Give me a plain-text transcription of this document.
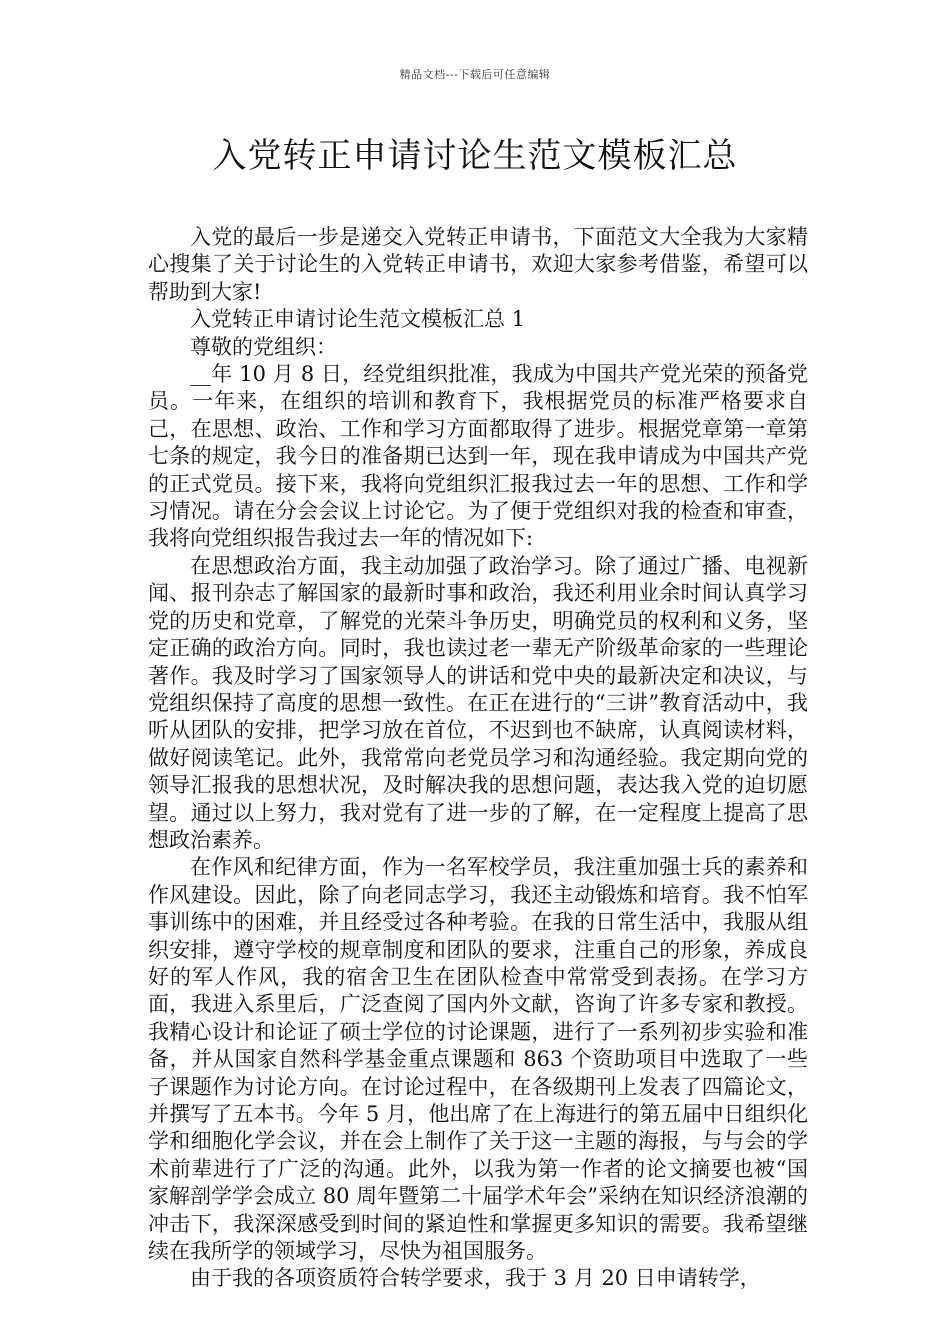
精品文档---下载后可任意编辑
入党转正申请讨论生范文模板汇总

入党的最后一步是递交入党转正申请书，下面范文大全我为大家精心搜集了关于讨论生的入党转正申请书，欢迎大家参考借鉴，希望可以帮助到大家!

入党转正申请讨论生范文模板汇总 1

尊敬的党组织：

__年 10 月 8 日，经党组织批准，我成为中国共产党光荣的预备党员。一年来，在组织的培训和教育下，我根据党员的标准严格要求自己，在思想、政治、工作和学习方面都取得了进步。根据党章第一章第七条的规定，我今日的准备期已达到一年，现在我申请成为中国共产党的正式党员。接下来，我将向党组织汇报我过去一年的思想、工作和学习情况。请在分会会议上讨论它。为了便于党组织对我的检查和审查，我将向党组织报告我过去一年的情况如下:

在思想政治方面，我主动加强了政治学习。除了通过广播、电视新闻、报刊杂志了解国家的最新时事和政治，我还利用业余时间认真学习党的历史和党章，了解党的光荣斗争历史，明确党员的权利和义务，坚定正确的政治方向。同时，我也读过老一辈无产阶级革命家的一些理论著作。我及时学习了国家领导人的讲话和党中央的最新决定和决议，与党组织保持了高度的思想一致性。在正在进行的“三讲”教育活动中，我听从团队的安排，把学习放在首位，不迟到也不缺席，认真阅读材料，做好阅读笔记。此外，我常常向老党员学习和沟通经验。我定期向党的领导汇报我的思想状况，及时解决我的思想问题，表达我入党的迫切愿望。通过以上努力，我对党有了进一步的了解，在一定程度上提高了思想政治素养。

在作风和纪律方面，作为一名军校学员，我注重加强士兵的素养和作风建设。因此，除了向老同志学习，我还主动锻炼和培育。我不怕军事训练中的困难，并且经受过各种考验。在我的日常生活中，我服从组织安排，遵守学校的规章制度和团队的要求，注重自己的形象，养成良好的军人作风，我的宿舍卫生在团队检查中常常受到表扬。在学习方面，我进入系里后，广泛查阅了国内外文献，咨询了许多专家和教授。我精心设计和论证了硕士学位的讨论课题，进行了一系列初步实验和准备，并从国家自然科学基金重点课题和 863 个资助项目中选取了一些子课题作为讨论方向。在讨论过程中，在各级期刊上发表了四篇论文，并撰写了五本书。今年 5 月，他出席了在上海进行的第五届中日组织化学和细胞化学会议，并在会上制作了关于这一主题的海报，与与会的学术前辈进行了广泛的沟通。此外，以我为第一作者的论文摘要也被“国家解剖学学会成立 80 周年暨第二十届学术年会”采纳在知识经济浪潮的冲击下，我深深感受到时间的紧迫性和掌握更多知识的需要。我希望继续在我所学的领域学习，尽快为祖国服务。

由于我的各项资质符合转学要求，我于 3 月 20 日申请转学，
